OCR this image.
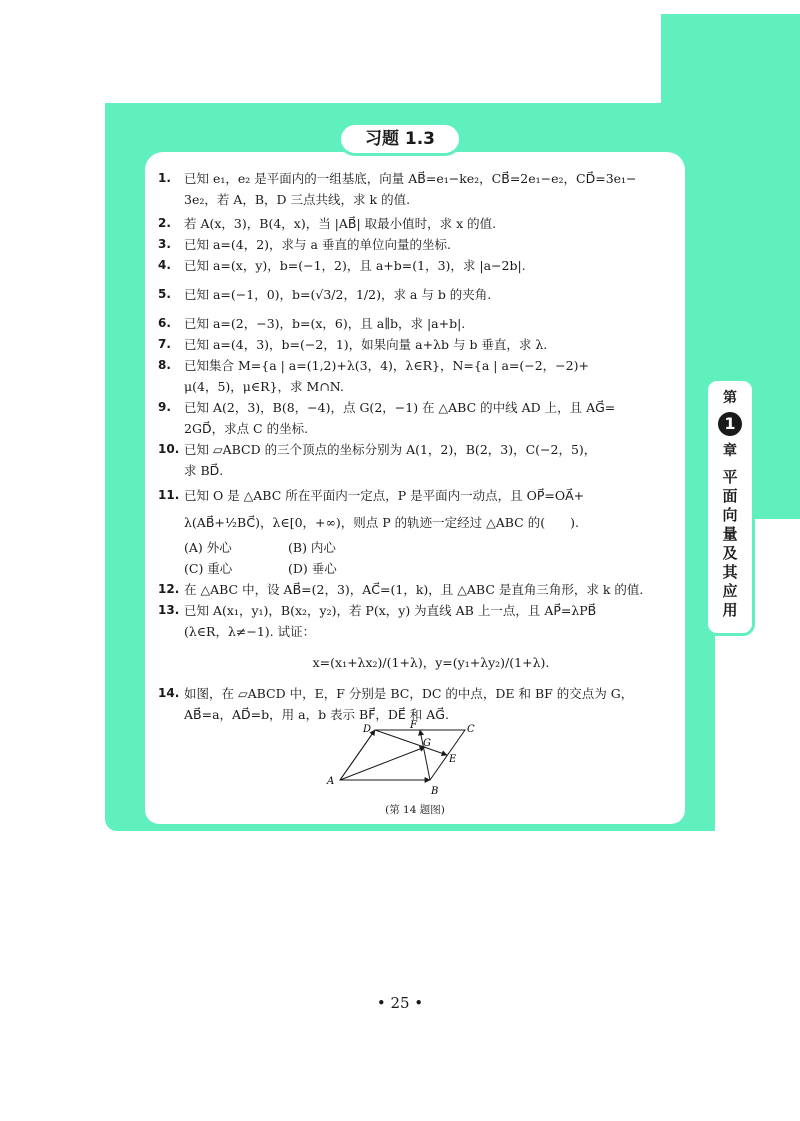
习题 1.3
第
1
章
平面向量及其应用
1.	已知 e₁，e₂ 是平面内的一组基底，向量 AB⃗=e₁−ke₂，CB⃗=2e₁−e₂，CD⃗=3e₁−
3e₂，若 A，B，D 三点共线，求 k 的值.
2.	若 A(x，3)，B(4，x)，当 |AB⃗| 取最小值时，求 x 的值.
3.	已知 a=(4，2)，求与 a 垂直的单位向量的坐标.
4.	已知 a=(x，y)，b=(−1，2)，且 a+b=(1，3)，求 |a−2b|.
5.	已知 a=(−1，0)，b=(√3/2，1/2)，求 a 与 b 的夹角.
6.	已知 a=(2，−3)，b=(x，6)，且 a∥b，求 |a+b|.
7.	已知 a=(4，3)，b=(−2，1)，如果向量 a+λb 与 b 垂直，求 λ.
8.	已知集合 M={a | a=(1,2)+λ(3，4)，λ∈R}，N={a | a=(−2，−2)+
μ(4，5)，μ∈R}，求 M∩N.
9.	已知 A(2，3)，B(8，−4)，点 G(2，−1) 在 △ABC 的中线 AD 上，且 AG⃗=
2GD⃗，求点 C 的坐标.
10. 已知 ▱ABCD 的三个顶点的坐标分别为 A(1，2)，B(2，3)，C(−2，5)，
求 BD⃗.
11. 已知 O 是 △ABC 所在平面内一定点，P 是平面内一动点，且 OP⃗=OA⃗+
λ(AB⃗+½BC⃗)，λ∈[0，+∞)，则点 P 的轨迹一定经过 △ABC 的(　　).
(A) 外心	(B) 内心
(C) 重心	(D) 垂心
12. 在 △ABC 中，设 AB⃗=(2，3)，AC⃗=(1，k)，且 △ABC 是直角三角形，求 k 的值.
13. 已知 A(x₁，y₁)，B(x₂，y₂)，若 P(x，y) 为直线 AB 上一点，且 AP⃗=λPB⃗
(λ∈R，λ≠−1). 试证：
x=(x₁+λx₂)/(1+λ)，y=(y₁+λy₂)/(1+λ).
14. 如图，在 ▱ABCD 中，E，F 分别是 BC，DC 的中点，DE 和 BF 的交点为 G，
AB⃗=a，AD⃗=b，用 a，b 表示 BF⃗，DE⃗ 和 AG⃗.
A
B
C
D
E
F
G
(第 14 题图)
• 25 •
